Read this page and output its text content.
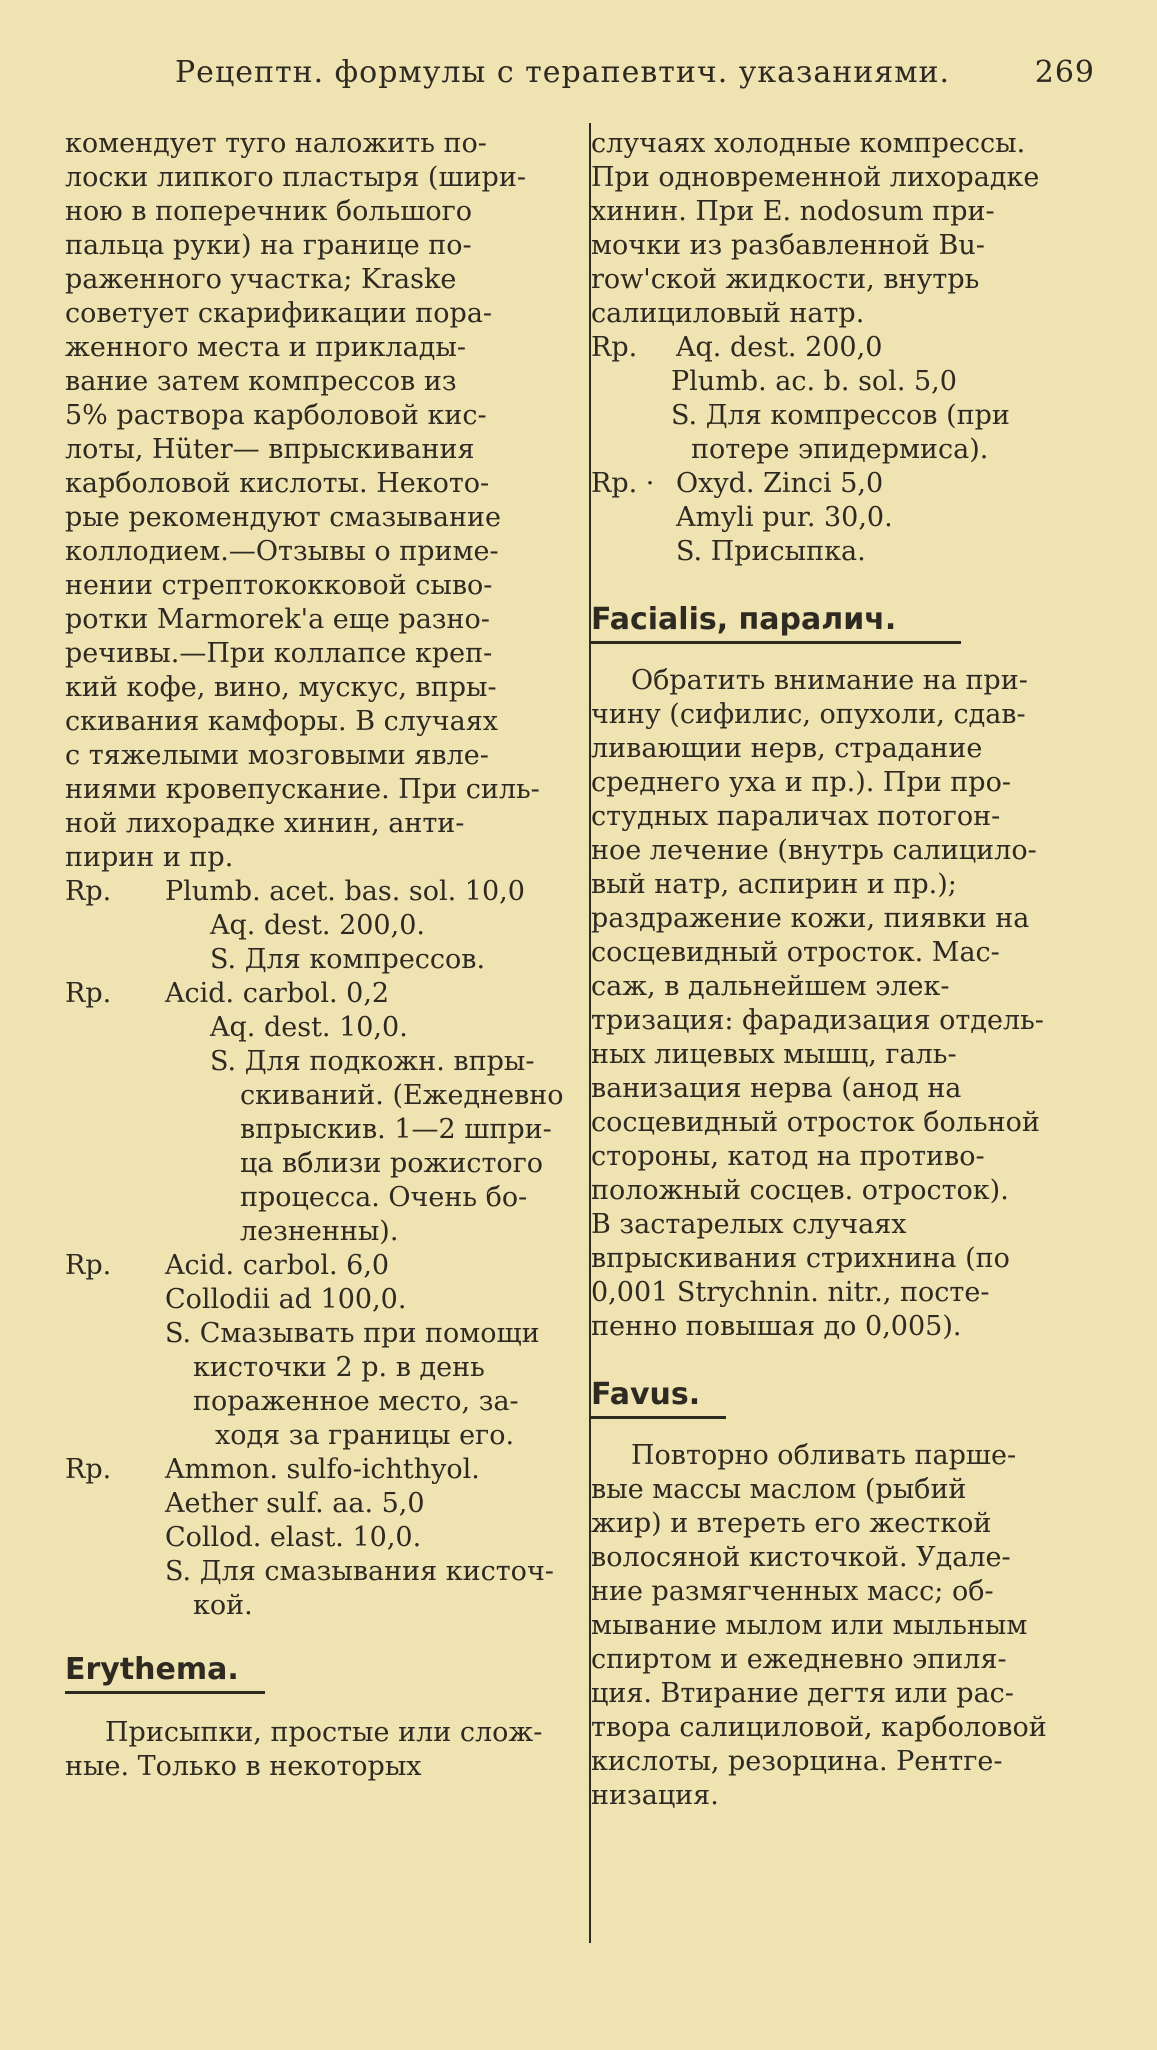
Рецептн. формулы с терапевтич. указаниями.	269

комендует туго наложить по-

лоски липкого пластыря (шири-

ною в поперечник большого

пальца руки) на границе по-

раженного участка; Kraske

советует скарификации пора-

женного места и приклады-

вание затем компрессов из

5% раствора карболовой кис-

лоты, Hüter— впрыскивания

карболовой кислоты. Некото-

рые рекомендуют смазывание

коллодием.—Отзывы о приме-

нении стрептококковой сыво-

ротки Marmorek'а еще разно-

речивы.—При коллапсе креп-

кий кофе, вино, мускус, впры-

скивания камфоры. В случаях

с тяжелыми мозговыми явле-

ниями кровепускание. При силь-

ной лихорадке хинин, анти-

пирин и пр.

Rp. Plumb. acet. bas. sol. 10,0
Aq. dest. 200,0.
S. Для компрессов.
Rp. Acid. carbol. 0,2
Aq. dest. 10,0.
S. Для подкожн. впры-
скиваний. (Ежедневно
впрыскив. 1—2 шпри-
ца вблизи рожистого
процесса. Очень бо-
лезненны).
Rp. Acid. carbol. 6,0
Collodii ad 100,0.
S. Смазывать при помощи
кисточки 2 р. в день
пораженное место, за-
ходя за границы его.
Rp. Ammon. sulfo-ichthyol.
Aether sulf. aa. 5,0
Collod. elast. 10,0.
S. Для смазывания кисточ-
кой.
Erythema.

Присыпки, простые или слож-

ные. Только в некоторых

случаях холодные компрессы.

При одновременной лихорадке

хинин. При E. nodosum при-

мочки из разбавленной Bu-

row'ской жидкости, внутрь

салициловый натр.

Rp. Aq. dest. 200,0
Plumb. ac. b. sol. 5,0
S. Для компрессов (при
потере эпидермиса).
Rp. · Oxyd. Zinci 5,0
Amyli pur. 30,0.
S. Присыпка.
Facialis, паралич.

Обратить внимание на при-

чину (сифилис, опухоли, сдав-

ливающии нерв, страдание

среднего уха и пр.). При про-

студных параличах потогон-

ное лечение (внутрь салицило-

вый натр, аспирин и пр.);

раздражение кожи, пиявки на

сосцевидный отросток. Мас-

саж, в дальнейшем элек-

тризация: фарадизация отдель-

ных лицевых мышц, галь-

ванизация нерва (анод на

сосцевидный отросток больной

стороны, катод на противо-

положный сосцев. отросток).

В застарелых случаях

впрыскивания стрихнина (по

0,001 Strychnin. nitr., посте-

пенно повышая до 0,005).

Favus.

Повторно обливать парше-

вые массы маслом (рыбий

жир) и втереть его жесткой

волосяной кисточкой. Удале-

ние размягченных масс; об-

мывание мылом или мыльным

спиртом и ежедневно эпиля-

ция. Втирание дегтя или рас-

твора салициловой, карболовой

кислоты, резорцина. Рентге-

низация.
